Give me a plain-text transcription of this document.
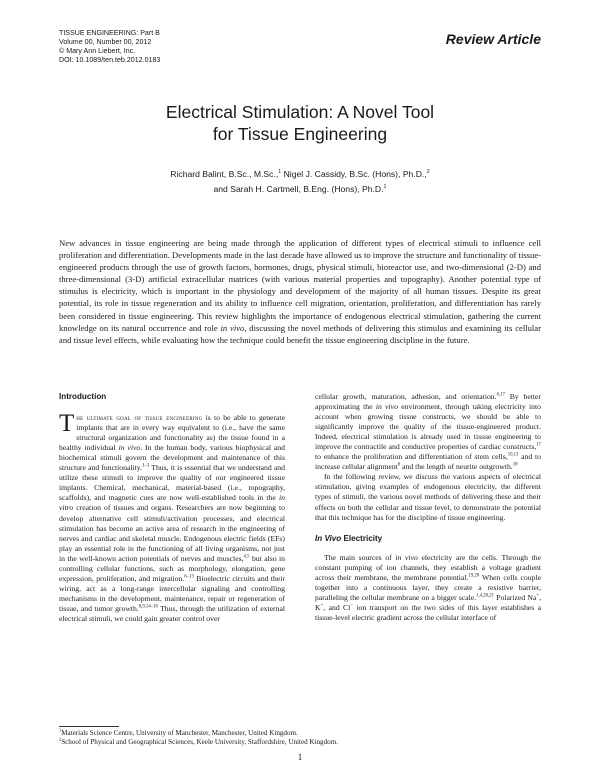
TISSUE ENGINEERING: Part B
Volume 00, Number 00, 2012
© Mary Ann Liebert, Inc.
DOI: 10.1089/ten.teb.2012.0183
Review Article
Electrical Stimulation: A Novel Tool
for Tissue Engineering
Richard Balint, B.Sc., M.Sc.,$^1$ Nigel J. Cassidy, B.Sc. (Hons), Ph.D.,$^2$
and Sarah H. Cartmell, B.Eng. (Hons), Ph.D.$^1$
New advances in tissue engineering are being made through the application of different types of electrical stimuli to influence cell proliferation and differentiation. Developments made in the last decade have allowed us to improve the structure and functionality of tissue-engineered products through the use of growth factors, hormones, drugs, physical stimuli, bioreactor use, and two-dimensional (2-D) and three-dimensional (3-D) artificial extracellular matrices (with various material properties and topography). Another potential type of stimulus is electricity, which is important in the physiology and development of the majority of all human tissues. Despite its great potential, its role in tissue regeneration and its ability to influence cell migration, orientation, proliferation, and differentiation has rarely been considered in tissue engineering. This review highlights the importance of endogenous electrical stimulation, gathering the current knowledge on its natural occurrence and role in vivo, discussing the novel methods of delivering this stimulus and examining its cellular and tissue level effects, while evaluating how the technique could benefit the tissue engineering discipline in the future.
Introduction

The ultimate goal of tissue engineering is to be able to generate implants that are in every way equivalent to (i.e., have the same structural organization and functionality as) the tissue found in a healthy individual in vivo. In the human body, various biophysical and biochemical stimuli govern the development and maintenance of this structure and functionality.$^{1-3}$ Thus, it is essential that we understand and utilize these stimuli to improve the quality of our engineered tissue implants. Chemical, mechanical, material-based (i.e., topography, scaffolds), and magnetic cues are now well-established tools in the in vitro creation of tissues and organs. Researchers are now beginning to develop alternative cell stimuli/activation processes, and electrical stimulation has become an active area of research in the engineering of nerves and cardiac and skeletal muscle. Endogenous electric fields (EFs) play an essential role in the functioning of all living organisms, not just in the well-known action potentials of nerves and muscles,$^{4,5}$ but also in controlling cellular functions, such as morphology, elongation, gene expression, proliferation, and migration.$^{6-13}$ Bioelectric circuits and their wiring, act as a long-range intercellular signaling and controlling mechanisms in the development, maintenance, repair or regeneration of tissue, and tumor growth.$^{8,9,14-16}$ Thus, through the utilization of external electrical stimuli, we could gain greater control over

cellular growth, maturation, adhesion, and orientation.$^{6,17}$ By better approximating the in vivo environment, through taking electricity into account when growing tissue constructs, we should be able to significantly improve the quality of the tissue-engineered product. Indeed, electrical stimulation is already used in tissue engineering to improve the contractile and conductive properties of cardiac constructs,$^{17}$ to enhance the proliferation and differentiation of stem cells,$^{10,13}$ and to increase cellular alignment$^6$ and the length of neurite outgrowth.$^{18}$

In the following review, we discuss the various aspects of electrical stimulation, giving examples of endogenous electricity, the different types of stimuli, the various novel methods of delivering these and their effects on both the cellular and tissue level, to demonstrate the potential that this technique has for the discipline of tissue engineering.

In Vivo Electricity

The main sources of in vivo electricity are the cells. Through the constant pumping of ion channels, they establish a voltage gradient across their membrane, the membrane potential.$^{19,20}$ When cells couple together into a continuous layer, they create a resistive barrier, paralleling the cellular membrane on a bigger scale.$^{1,4,20,21}$ Polarized Na+, K+, and Cl− ion transport on the two sides of this layer establishes a tissue-level electric gradient across the cellular interface of

$^1$Materials Science Centre, University of Manchester, Manchester, United Kingdom.
$^2$School of Physical and Geographical Sciences, Keele University, Staffordshire, United Kingdom.
1
